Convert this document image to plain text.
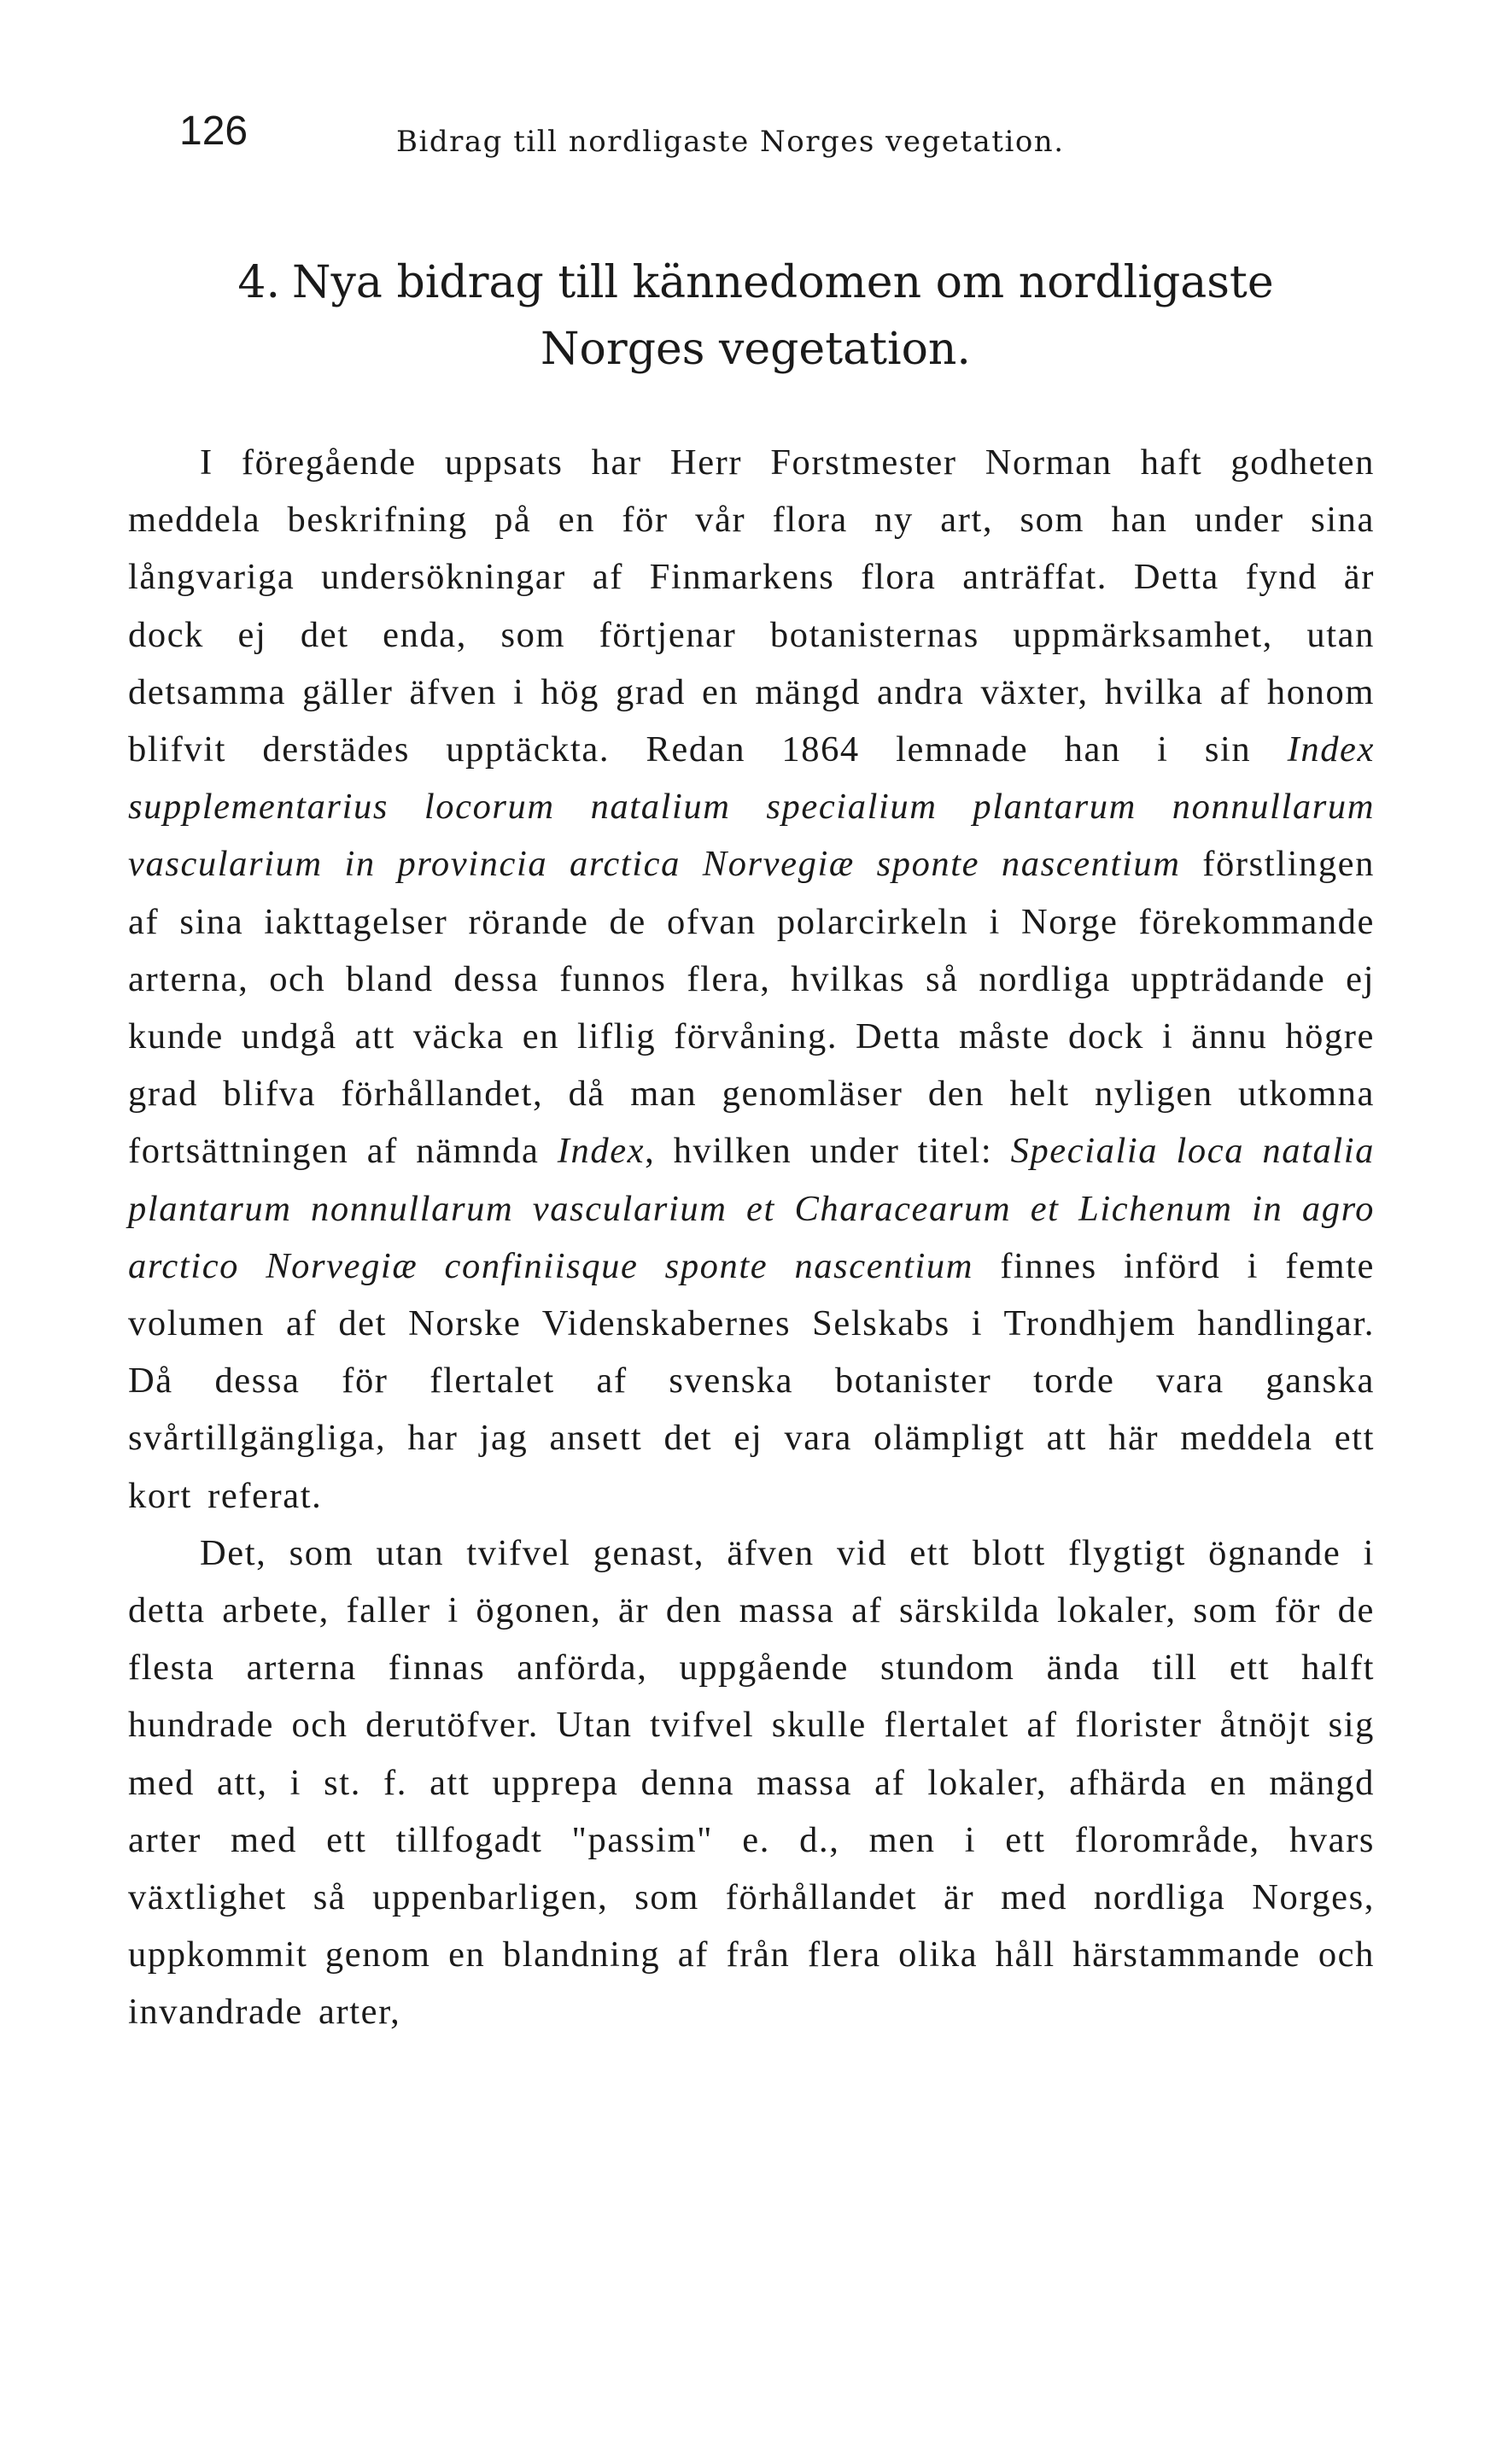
126	Bidrag till nordligaste Norges vegetation.
4. Nya bidrag till kännedomen om nordligaste
Norges vegetation.

I föregående uppsats har Herr Forstmester Norman haft godheten meddela beskrifning på en för vår flora ny art, som han under sina långvariga undersökningar af Finmarkens flora anträffat. Detta fynd är dock ej det enda, som förtjenar botanisternas uppmärksamhet, utan detsamma gäller äfven i hög grad en mängd andra växter, hvilka af honom blifvit derstädes upptäckta. Redan 1864 lemnade han i sin Index supplementarius locorum natalium specialium plantarum nonnullarum vascularium in provincia arctica Norvegiæ sponte nascentium förstlingen af sina iakttagelser rörande de ofvan polarcirkeln i Norge förekommande arterna, och bland dessa funnos flera, hvilkas så nordliga uppträdande ej kunde undgå att väcka en liflig förvåning. Detta måste dock i ännu högre grad blifva förhållandet, då man genomläser den helt nyligen utkomna fortsättningen af nämnda Index, hvilken under titel: Specialia loca natalia plantarum nonnullarum vascularium et Characearum et Lichenum in agro arctico Norvegiæ confiniisque sponte nascentium finnes införd i femte volumen af det Norske Videnskabernes Selskabs i Trondhjem handlingar. Då dessa för flertalet af svenska botanister torde vara ganska svårtillgängliga, har jag ansett det ej vara olämpligt att här meddela ett kort referat.

Det, som utan tvifvel genast, äfven vid ett blott flygtigt ögnande i detta arbete, faller i ögonen, är den massa af särskilda lokaler, som för de flesta arterna finnas anförda, uppgående stundom ända till ett halft hundrade och derutöfver. Utan tvifvel skulle flertalet af florister åtnöjt sig med att, i st. f. att upprepa denna massa af lokaler, afhärda en mängd arter med ett tillfogadt "passim" e. d., men i ett florområde, hvars växtlighet så uppenbarligen, som förhållandet är med nordliga Norges, uppkommit genom en blandning af från flera olika håll härstammande och invandrade arter,
